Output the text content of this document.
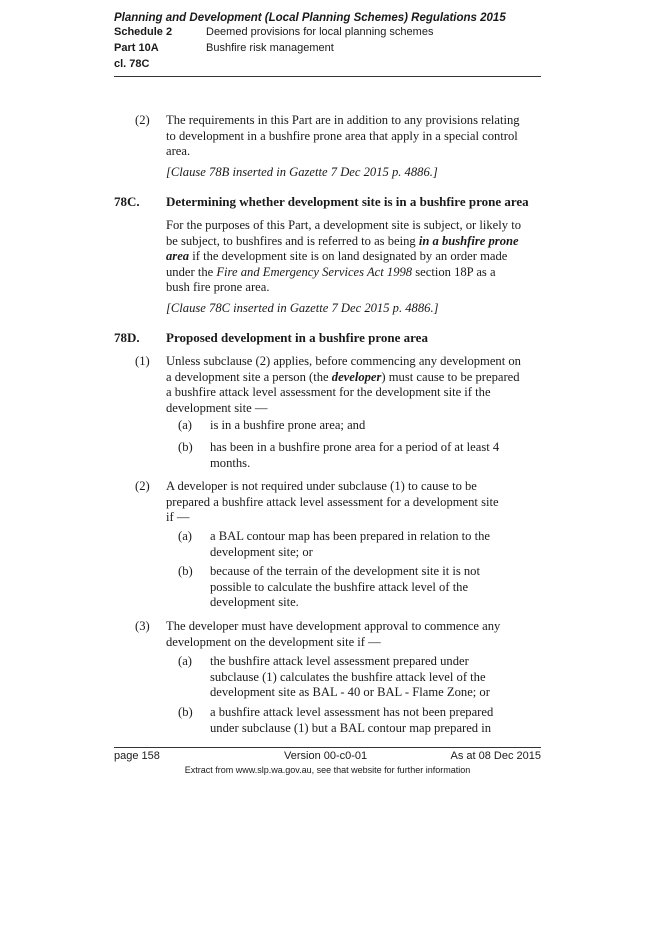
Planning and Development (Local Planning Schemes) Regulations 2015
Schedule 2	Deemed provisions for local planning schemes
Part 10A	Bushfire risk management
cl. 78C
(2) The requirements in this Part are in addition to any provisions relating
to development in a bushfire prone area that apply in a special control
area.
[Clause 78B inserted in Gazette 7 Dec 2015 p. 4886.]
78C. Determining whether development site is in a bushfire prone area
For the purposes of this Part, a development site is subject, or likely to
be subject, to bushfires and is referred to as being in a bushfire prone
area if the development site is on land designated by an order made
under the Fire and Emergency Services Act 1998 section 18P as a
bush fire prone area.
[Clause 78C inserted in Gazette 7 Dec 2015 p. 4886.]
78D. Proposed development in a bushfire prone area
(1) Unless subclause (2) applies, before commencing any development on
a development site a person (the developer) must cause to be prepared
a bushfire attack level assessment for the development site if the
development site —
(a) is in a bushfire prone area; and
(b) has been in a bushfire prone area for a period of at least 4
months.
(2) A developer is not required under subclause (1) to cause to be
prepared a bushfire attack level assessment for a development site
if —
(a) a BAL contour map has been prepared in relation to the
development site; or
(b) because of the terrain of the development site it is not
possible to calculate the bushfire attack level of the
development site.
(3) The developer must have development approval to commence any
development on the development site if —
(a) the bushfire attack level assessment prepared under
subclause (1) calculates the bushfire attack level of the
development site as BAL - 40 or BAL - Flame Zone; or
(b) a bushfire attack level assessment has not been prepared
under subclause (1) but a BAL contour map prepared in
page 158	Version 00-c0-01	As at 08 Dec 2015
Extract from www.slp.wa.gov.au, see that website for further information
